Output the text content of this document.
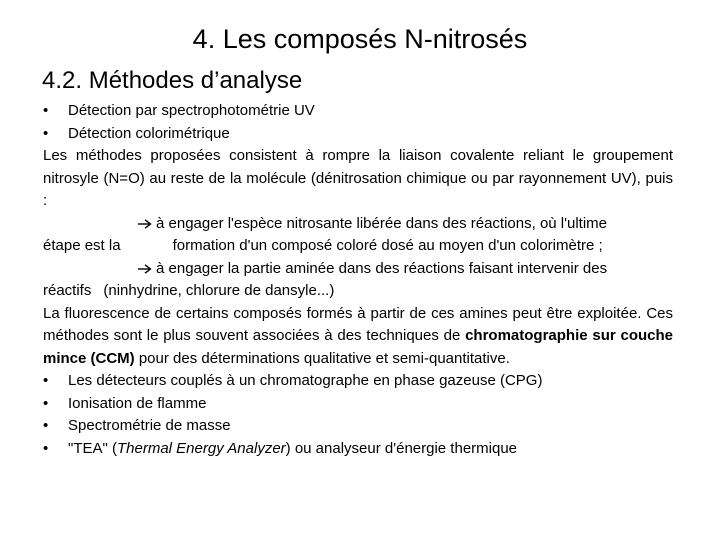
4. Les composés N-nitrosés
4.2. Méthodes d’analyse
• Détection par spectrophotométrie UV
• Détection colorimétrique
Les méthodes proposées consistent à rompre la liaison covalente reliant le groupement nitrosyle (N=O) au reste de la molécule (dénitrosation chimique ou par rayonnement UV), puis :
à engager l'espèce nitrosante libérée dans des réactions, où l'ultime
étape est la	formation d'un composé coloré dosé au moyen d'un colorimètre ;
à engager la partie aminée dans des réactions faisant intervenir des
réactifs (ninhydrine, chlorure de dansyle...)
La fluorescence de certains composés formés à partir de ces amines peut être exploitée. Ces méthodes sont le plus souvent associées à des techniques de chromatographie sur couche mince (CCM) pour des déterminations qualitative et semi-quantitative.
• Les détecteurs couplés à un chromatographe en phase gazeuse (CPG)
• Ionisation de flamme
• Spectrométrie de masse
• "TEA" (Thermal Energy Analyzer) ou analyseur d'énergie thermique
